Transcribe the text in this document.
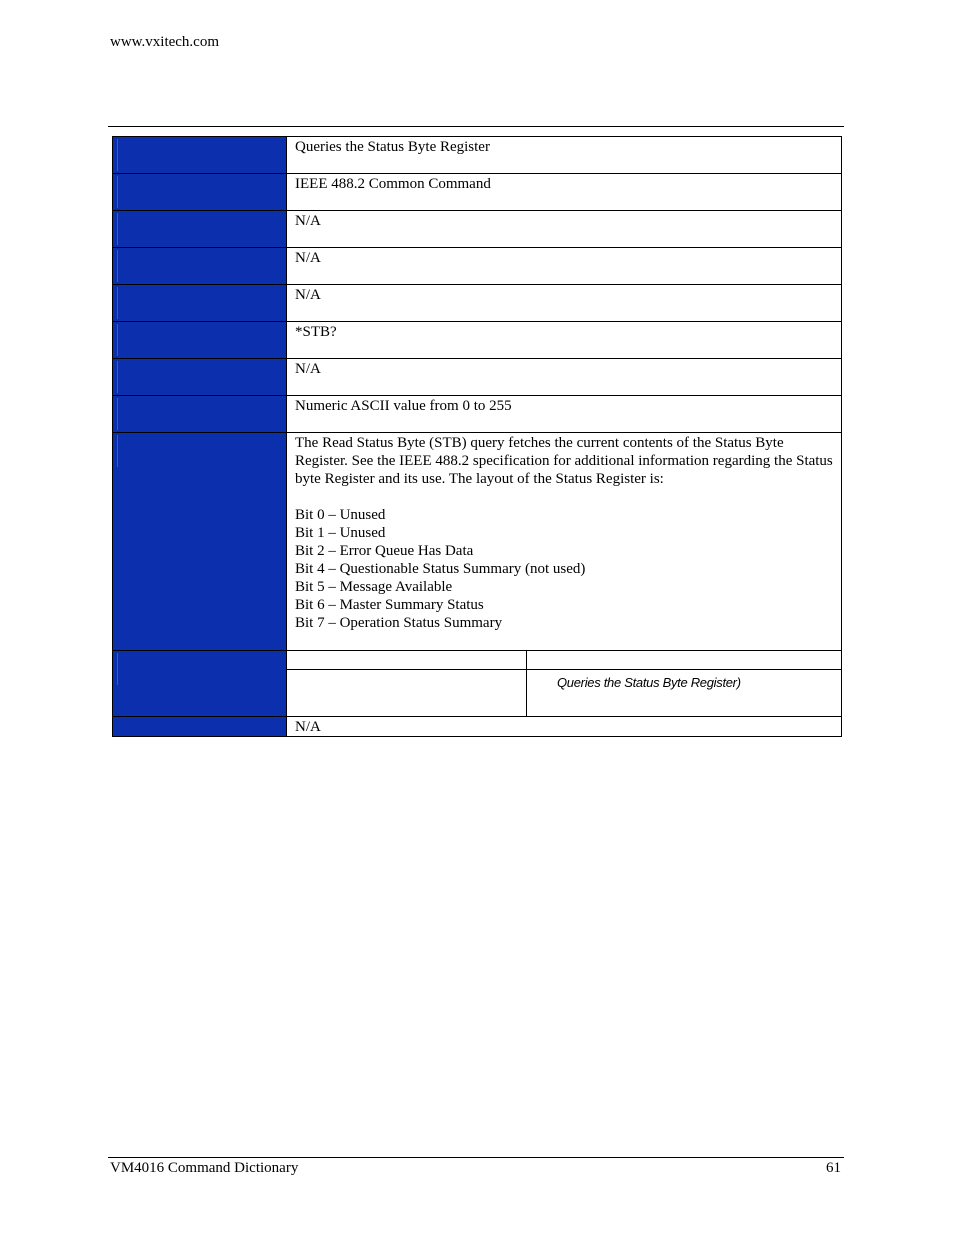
www.vxitech.com
	Queries the Status Byte Register

	IEEE 488.2 Common Command

	N/A

	N/A

	N/A

	*STB?

	N/A

	Numeric ASCII value from 0 to 255

The Read Status Byte (STB) query fetches the current contents of the Status Byte Register. See the IEEE 488.2 specification for additional information regarding the Status byte Register and its use. The layout of the Status Register is:

Bit 0 – Unused

Bit 1 – Unused

Bit 2 – Error Queue Has Data

Bit 4 – Questionable Status Summary (not used)

Bit 5 – Message Available

Bit 6 – Master Summary Status

Bit 7 – Operation Status Summary

	Queries the Status Byte Register)

	N/A
VM4016 Command Dictionary	61
